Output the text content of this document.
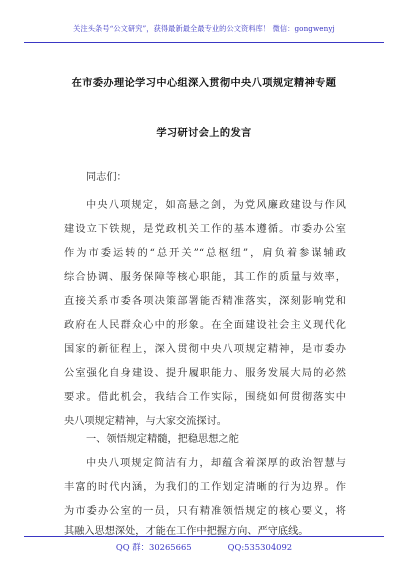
关注头条号“公文研究”，获得最新最全最专业的公文资料库！ 微信：gongwenyj
在市委办理论学习中心组深入贯彻中央八项规定精神专题
学习研讨会上的发言
同志们：
中央八项规定，如高悬之剑，为党风廉政建设与作风
建设立下铁规，是党政机关工作的基本遵循。市委办公室
作为市委运转的“总开关”“总枢纽”，肩负着参谋辅政
综合协调、服务保障等核心职能，其工作的质量与效率，
直接关系市委各项决策部署能否精准落实，深刻影响党和
政府在人民群众心中的形象。在全面建设社会主义现代化
国家的新征程上，深入贯彻中央八项规定精神，是市委办
公室强化自身建设、提升履职能力、服务发展大局的必然
要求。借此机会，我结合工作实际，围绕如何贯彻落实中
央八项规定精神，与大家交流探讨。
一、领悟规定精髓，把稳思想之舵
中央八项规定简洁有力，却蕴含着深厚的政治智慧与
丰富的时代内涵，为我们的工作划定清晰的行为边界。作
为市委办公室的一员，只有精准领悟规定的核心要义，将
QQ 群：30265665	QQ:535304092
其融入思想深处，才能在工作中把握方向、严守底线。
